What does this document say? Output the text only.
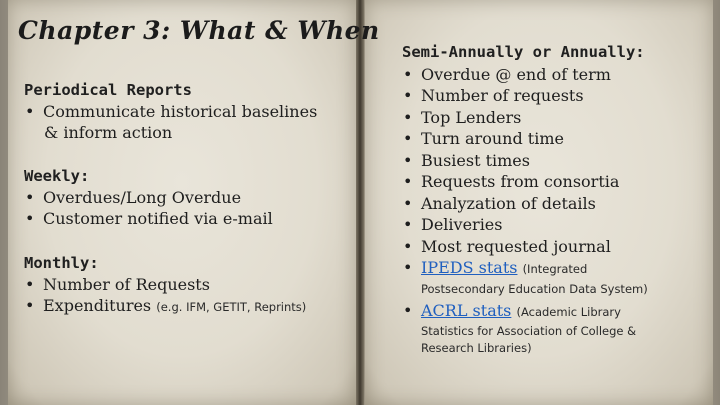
Chapter 3: What & When
Periodical Reports
• Communicate historical baselines
& inform action
Weekly:
• Overdues/Long Overdue
• Customer notified via e-mail
Monthly:
• Number of Requests
• Expenditures (e.g. IFM, GETIT, Reprints)
Semi-Annually or Annually:
• Overdue @ end of term
• Number of requests
• Top Lenders
• Turn around time
• Busiest times
• Requests from consortia
• Analyzation of details
• Deliveries
• Most requested journal
• IPEDS stats (Integrated
Postsecondary Education Data System)
• ACRL stats (Academic Library
Statistics for Association of College &
Research Libraries)
